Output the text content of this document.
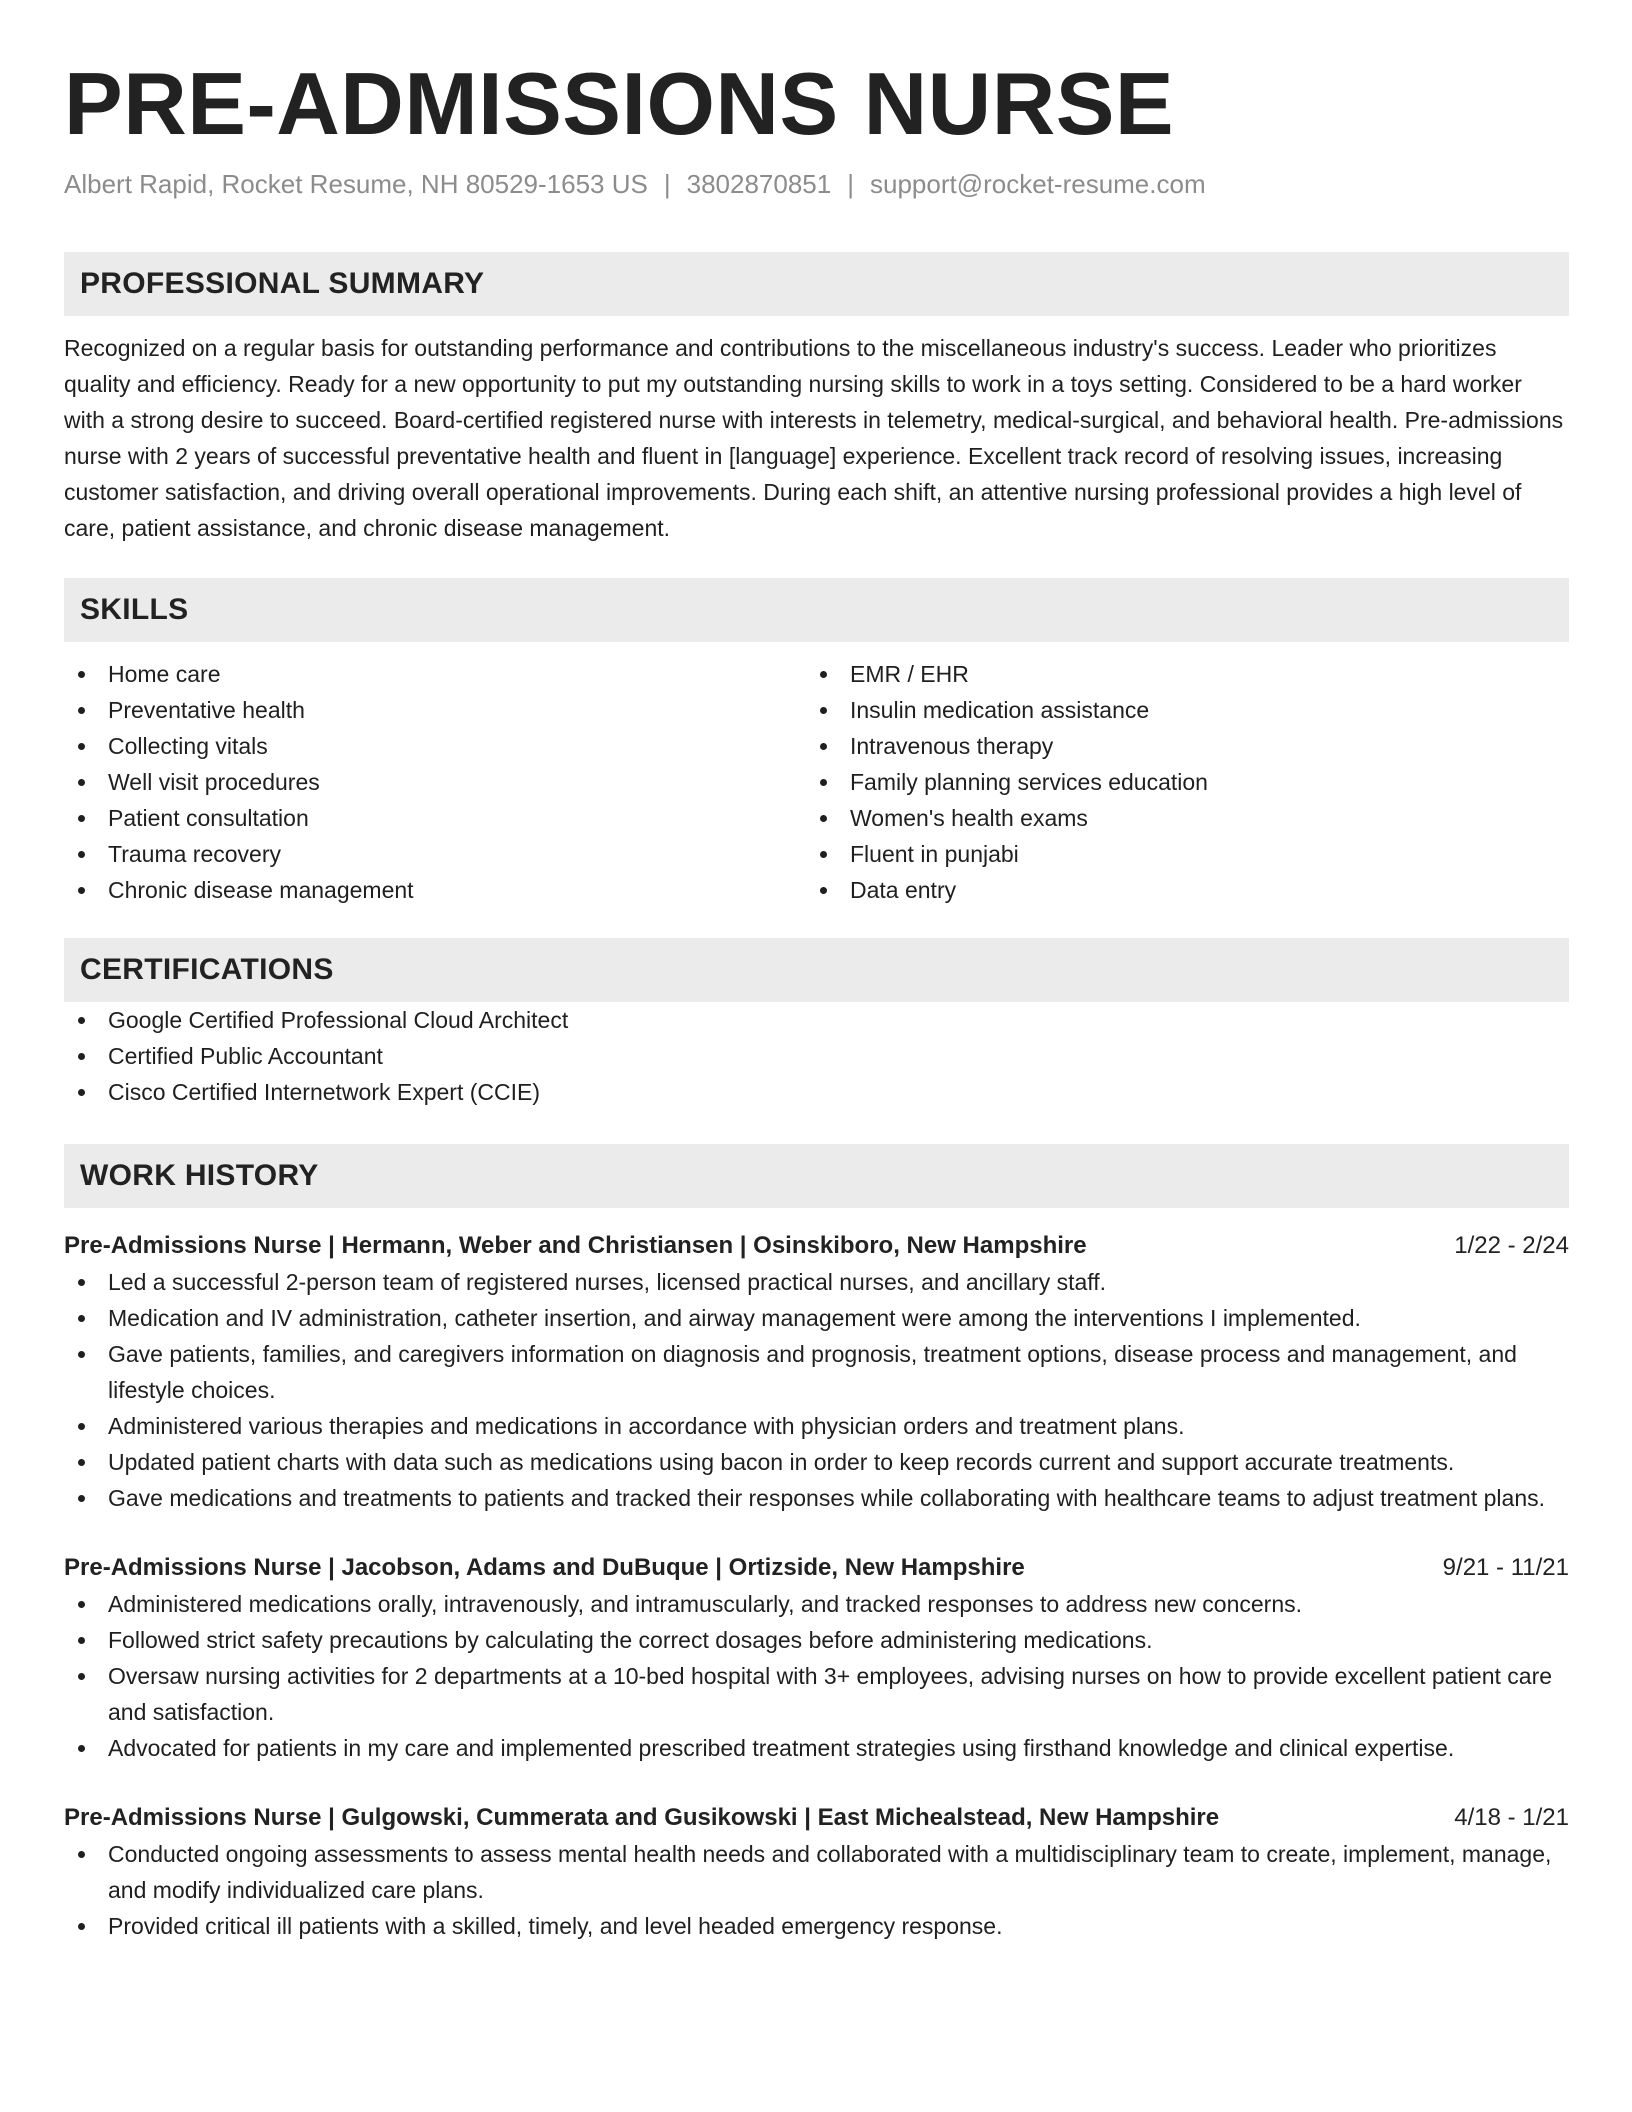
PRE-ADMISSIONS NURSE
Albert Rapid, Rocket Resume, NH 80529-1653 US | 3802870851 | support@rocket-resume.com
PROFESSIONAL SUMMARY

Recognized on a regular basis for outstanding performance and contributions to the miscellaneous industry's success. Leader who prioritizes quality and efficiency. Ready for a new opportunity to put my outstanding nursing skills to work in a toys setting. Considered to be a hard worker with a strong desire to succeed. Board-certified registered nurse with interests in telemetry, medical-surgical, and behavioral health. Pre-admissions nurse with 2 years of successful preventative health and fluent in [language] experience. Excellent track record of resolving issues, increasing customer satisfaction, and driving overall operational improvements. During each shift, an attentive nursing professional provides a high level of care, patient assistance, and chronic disease management.

SKILLS
Home care
Preventative health
Collecting vitals
Well visit procedures
Patient consultation
Trauma recovery
Chronic disease management
EMR / EHR
Insulin medication assistance
Intravenous therapy
Family planning services education
Women's health exams
Fluent in punjabi
Data entry
CERTIFICATIONS
Google Certified Professional Cloud Architect
Certified Public Accountant
Cisco Certified Internetwork Expert (CCIE)
WORK HISTORY
Pre-Admissions Nurse | Hermann, Weber and Christiansen | Osinskiboro, New Hampshire	1/22 - 2/24
Led a successful 2-person team of registered nurses, licensed practical nurses, and ancillary staff.
Medication and IV administration, catheter insertion, and airway management were among the interventions I implemented.
Gave patients, families, and caregivers information on diagnosis and prognosis, treatment options, disease process and management, and lifestyle choices.
Administered various therapies and medications in accordance with physician orders and treatment plans.
Updated patient charts with data such as medications using bacon in order to keep records current and support accurate treatments.
Gave medications and treatments to patients and tracked their responses while collaborating with healthcare teams to adjust treatment plans.
Pre-Admissions Nurse | Jacobson, Adams and DuBuque | Ortizside, New Hampshire	9/21 - 11/21
Administered medications orally, intravenously, and intramuscularly, and tracked responses to address new concerns.
Followed strict safety precautions by calculating the correct dosages before administering medications.
Oversaw nursing activities for 2 departments at a 10-bed hospital with 3+ employees, advising nurses on how to provide excellent patient care and satisfaction.
Advocated for patients in my care and implemented prescribed treatment strategies using firsthand knowledge and clinical expertise.
Pre-Admissions Nurse | Gulgowski, Cummerata and Gusikowski | East Michealstead, New Hampshire	4/18 - 1/21
Conducted ongoing assessments to assess mental health needs and collaborated with a multidisciplinary team to create, implement, manage, and modify individualized care plans.
Provided critical ill patients with a skilled, timely, and level headed emergency response.
